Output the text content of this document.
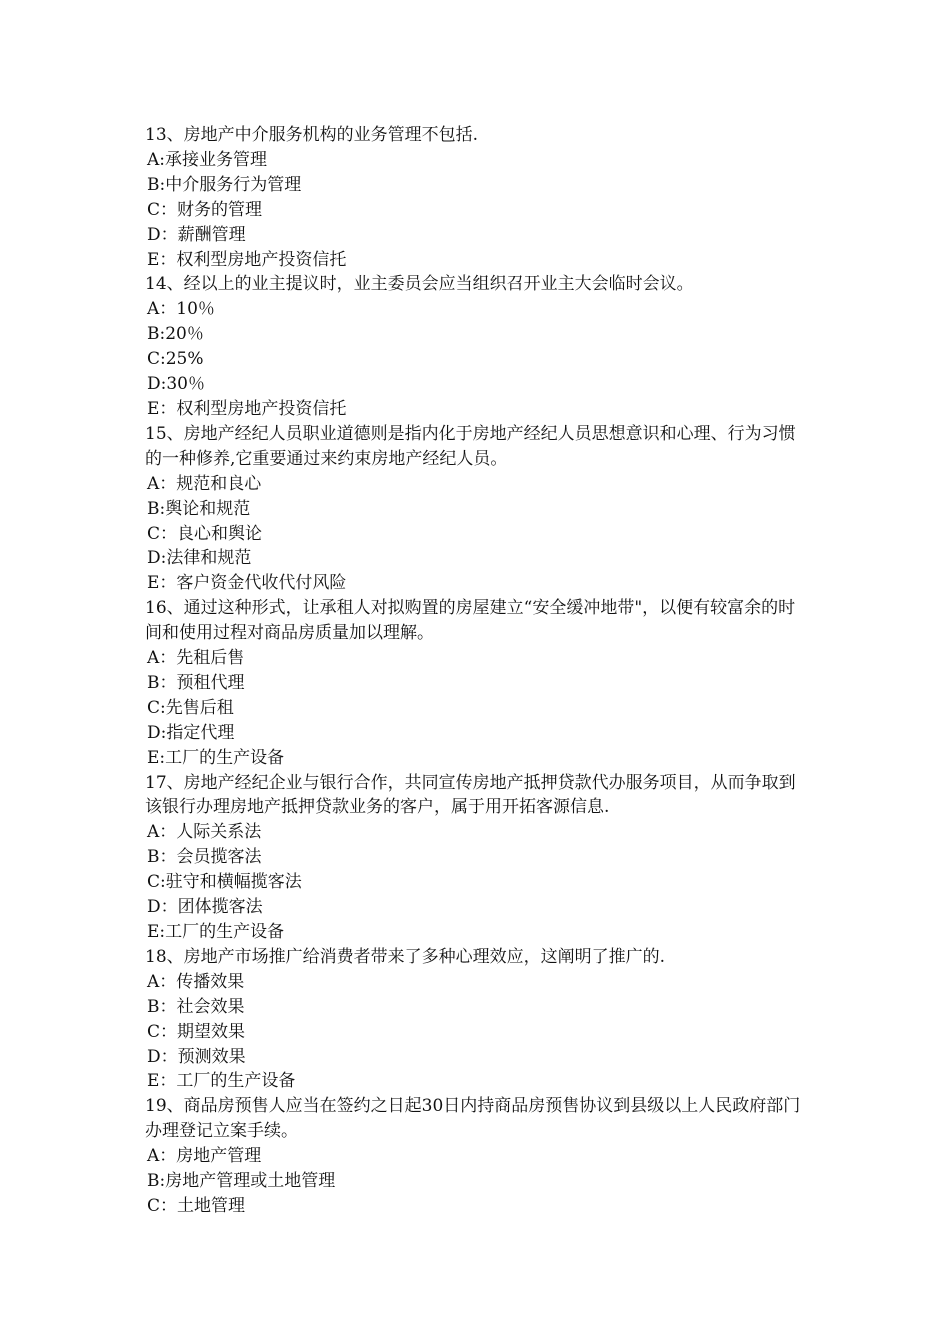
13、房地产中介服务机构的业务管理不包括.

A:承接业务管理
B:中介服务行为管理
C：财务的管理
D：薪酬管理
E：权利型房地产投资信托

14、经以上的业主提议时，业主委员会应当组织召开业主大会临时会议。

A：10％
B:20％
C:25%
D:30％
E：权利型房地产投资信托

15、房地产经纪人员职业道德则是指内化于房地产经纪人员思想意识和心理、行为习惯的一种修养,它重要通过来约束房地产经纪人员。

A：规范和良心
B:舆论和规范
C：良心和舆论
D:法律和规范
E：客户资金代收代付风险

16、通过这种形式，让承租人对拟购置的房屋建立“安全缓冲地带"，以便有较富余的时间和使用过程对商品房质量加以理解。

A：先租后售
B：预租代理
C:先售后租
D:指定代理
E:工厂的生产设备

17、房地产经纪企业与银行合作，共同宣传房地产抵押贷款代办服务项目，从而争取到该银行办理房地产抵押贷款业务的客户，属于用开拓客源信息.

A：人际关系法
B：会员揽客法
C:驻守和横幅揽客法
D：团体揽客法
E:工厂的生产设备

18、房地产市场推广给消费者带来了多种心理效应，这阐明了推广的.

A：传播效果
B：社会效果
C：期望效果
D：预测效果
E：工厂的生产设备

19、商品房预售人应当在签约之日起30日内持商品房预售协议到县级以上人民政府部门办理登记立案手续。

A：房地产管理
B:房地产管理或土地管理
C：土地管理
